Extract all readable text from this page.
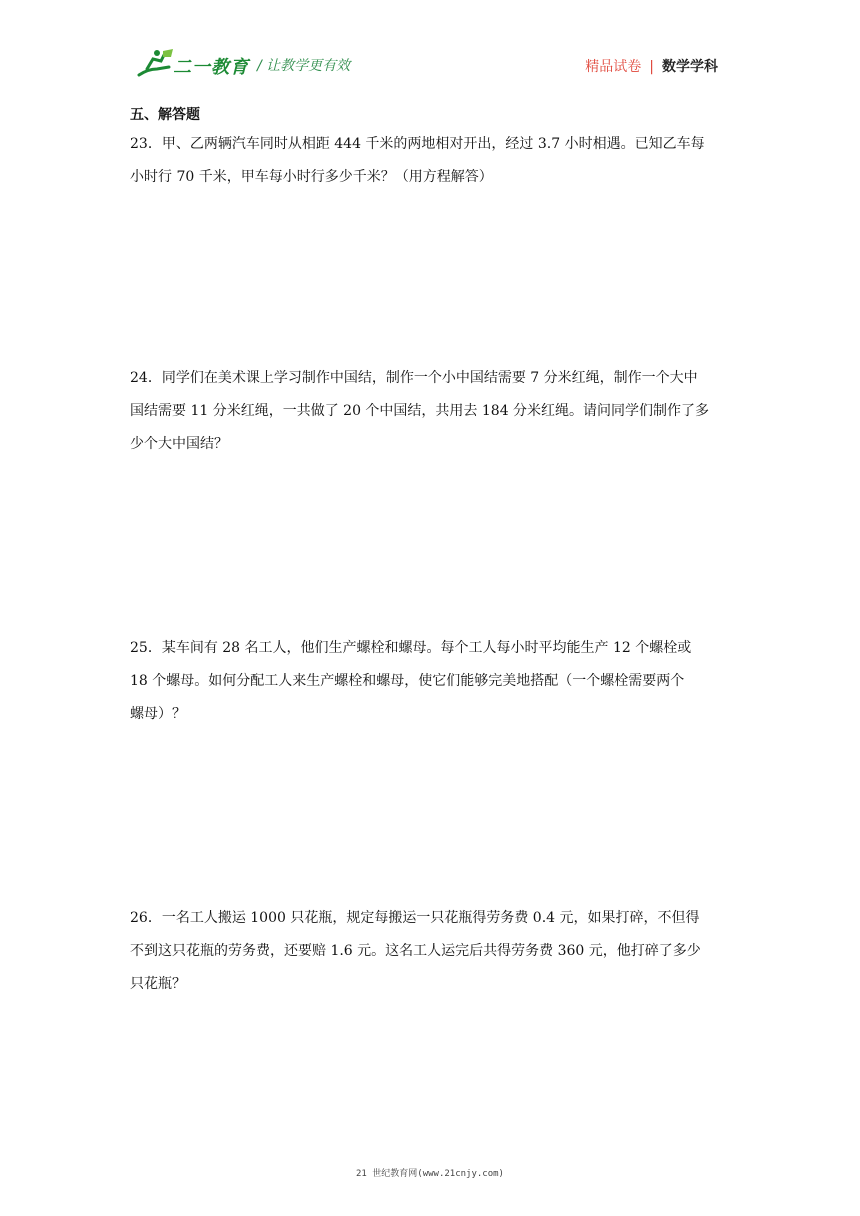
二一教育 / 让教学更有效	精品试卷 | 数学学科
五、解答题
23．甲、乙两辆汽车同时从相距 444 千米的两地相对开出，经过 3.7 小时相遇。已知乙车每
小时行 70 千米，甲车每小时行多少千米？（用方程解答）
24．同学们在美术课上学习制作中国结，制作一个小中国结需要 7 分米红绳，制作一个大中
国结需要 11 分米红绳，一共做了 20 个中国结，共用去 184 分米红绳。请问同学们制作了多
少个大中国结？
25．某车间有 28 名工人，他们生产螺栓和螺母。每个工人每小时平均能生产 12 个螺栓或
18 个螺母。如何分配工人来生产螺栓和螺母，使它们能够完美地搭配（一个螺栓需要两个
螺母）？
26．一名工人搬运 1000 只花瓶，规定每搬运一只花瓶得劳务费 0.4 元，如果打碎，不但得
不到这只花瓶的劳务费，还要赔 1.6 元。这名工人运完后共得劳务费 360 元，他打碎了多少
只花瓶？
21 世纪教育网(www.21cnjy.com)
